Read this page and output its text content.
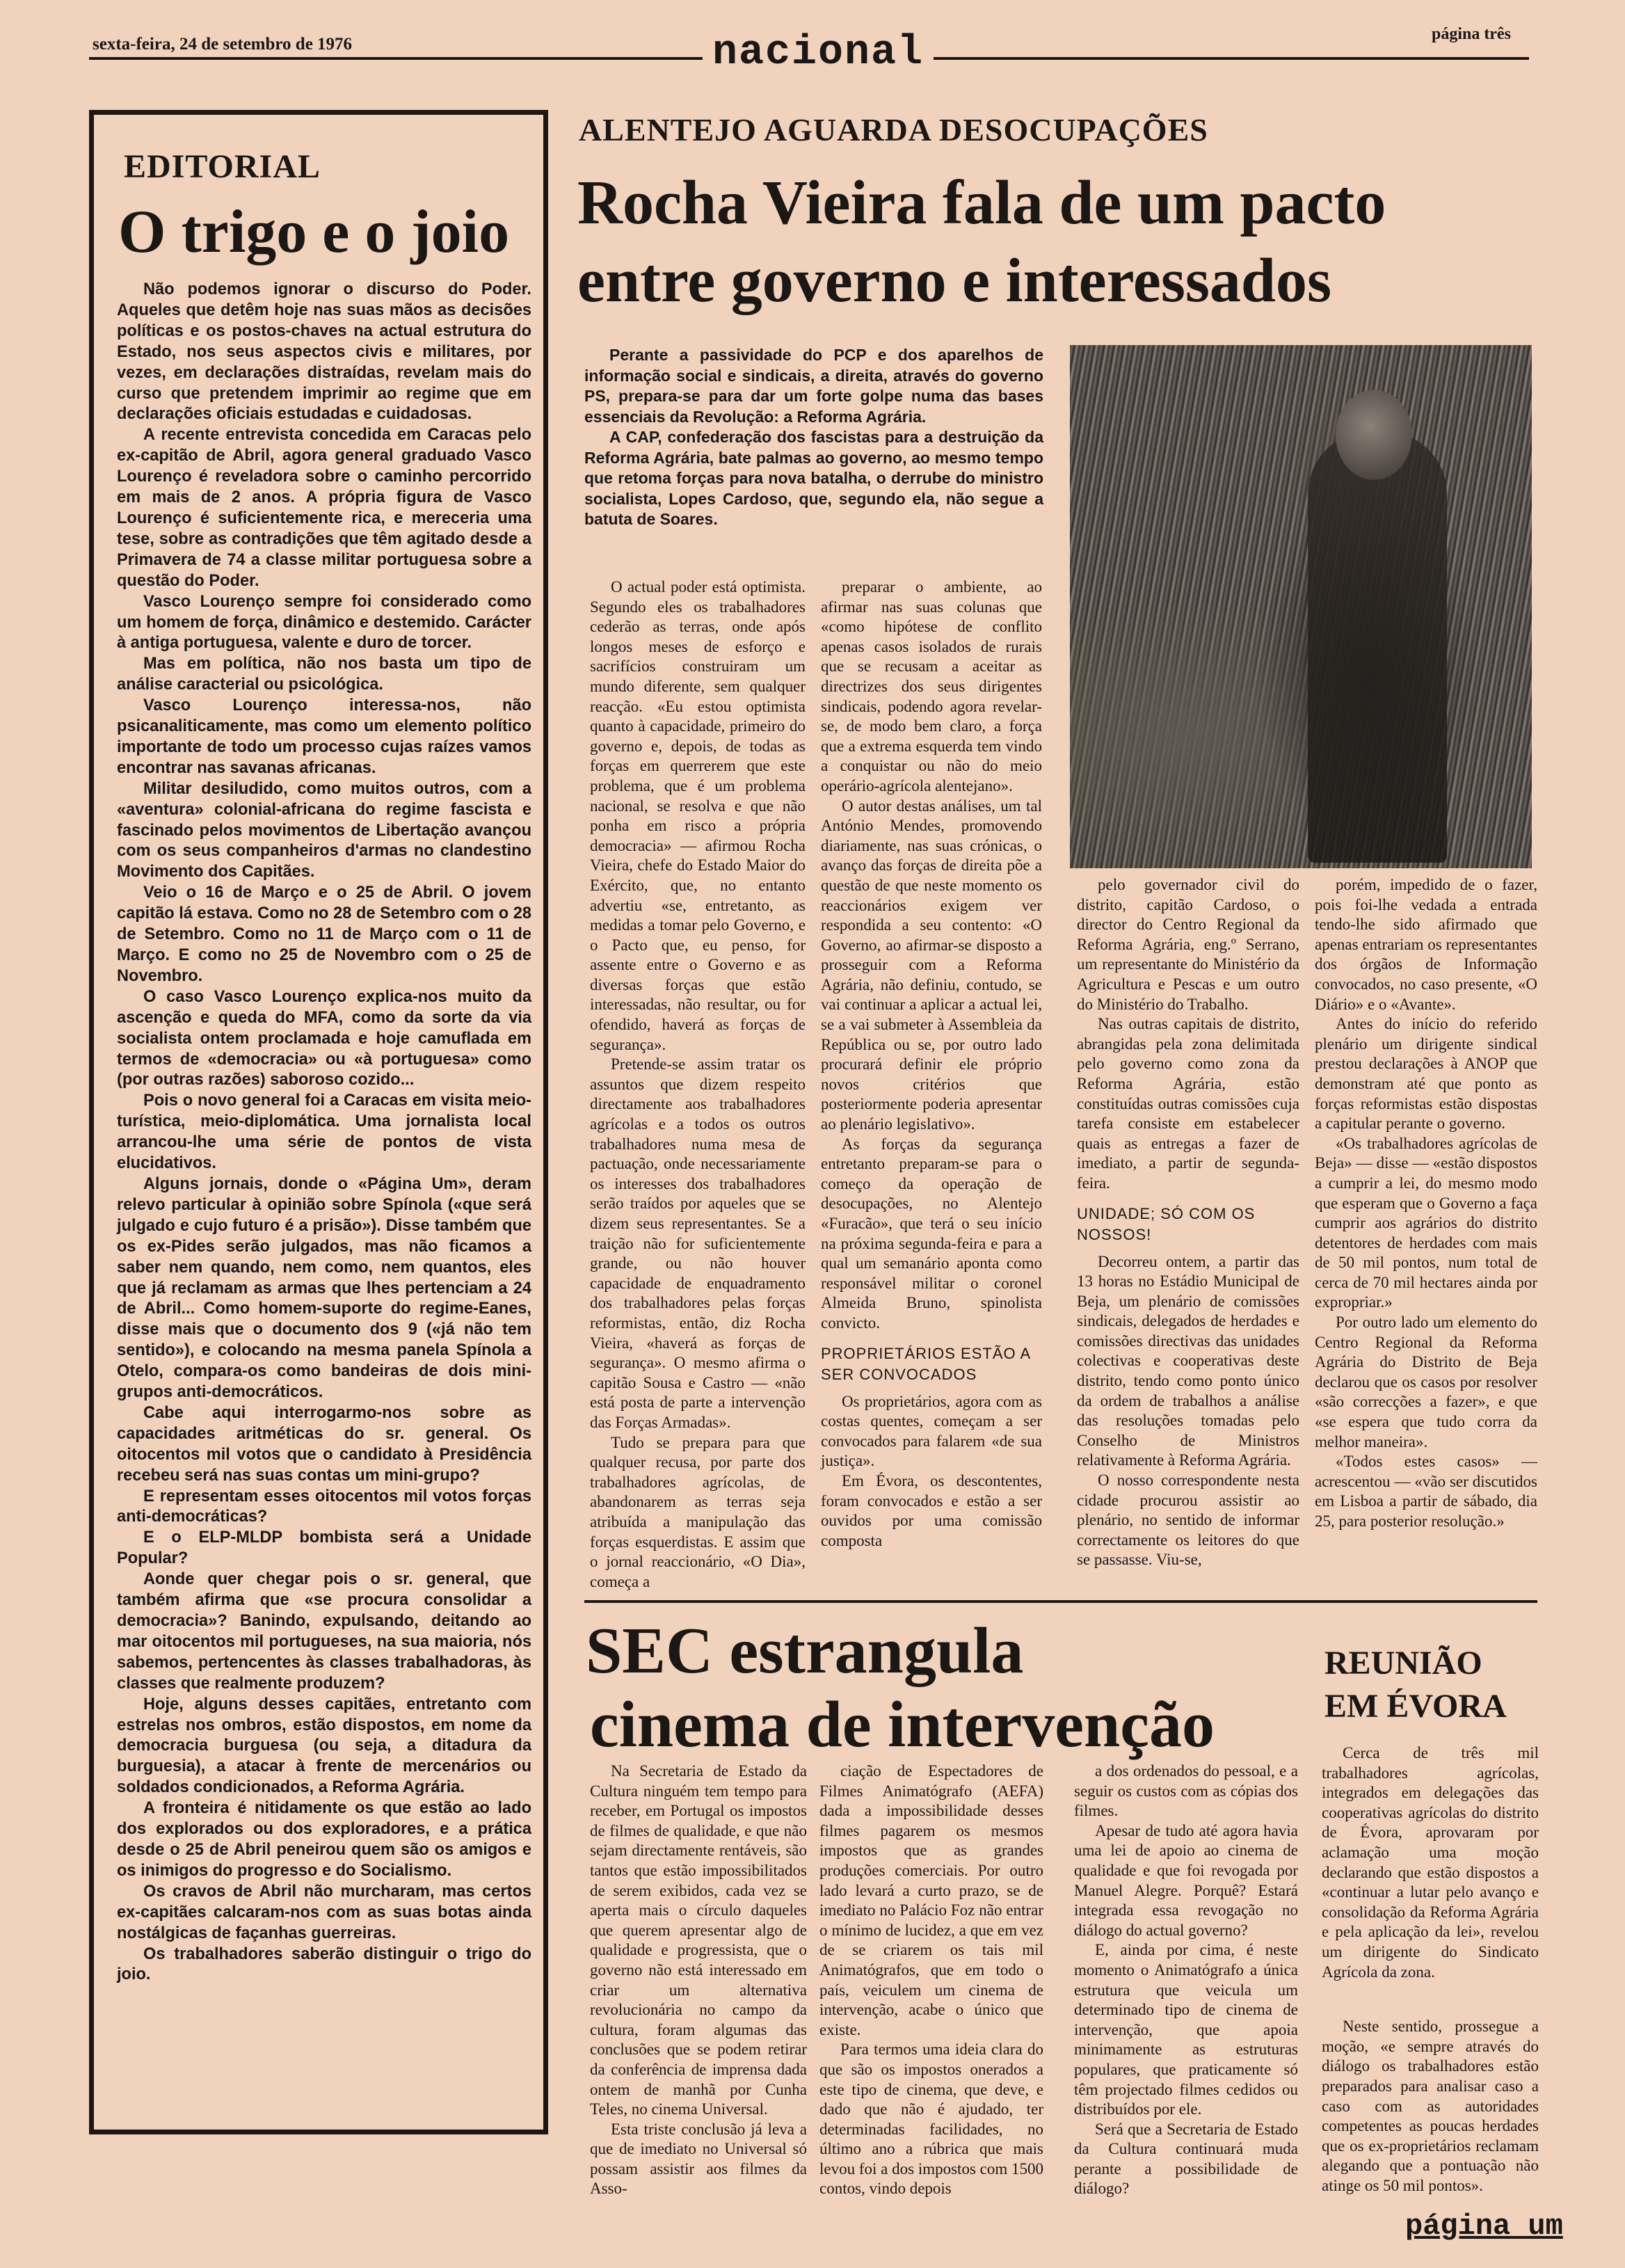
sexta-feira, 24 de setembro de 1976	nacional	página três
EDITORIAL
O trigo e o joio

Não podemos ignorar o discurso do Poder. Aqueles que detêm hoje nas suas mãos as decisões políticas e os postos-chaves na actual estrutura do Estado, nos seus aspectos civis e militares, por vezes, em declarações distraídas, revelam mais do curso que pretendem imprimir ao regime que em declarações oficiais estudadas e cuidadosas.

A recente entrevista concedida em Caracas pelo ex-capitão de Abril, agora general graduado Vasco Lourenço é reveladora sobre o caminho percorrido em mais de 2 anos. A própria figura de Vasco Lourenço é suficientemente rica, e mereceria uma tese, sobre as contradições que têm agitado desde a Primavera de 74 a classe militar portuguesa sobre a questão do Poder.

Vasco Lourenço sempre foi considerado como um homem de força, dinâmico e destemido. Carácter à antiga portuguesa, valente e duro de torcer.

Mas em política, não nos basta um tipo de análise caracterial ou psicológica.

Vasco Lourenço interessa-nos, não psicanaliticamente, mas como um elemento político importante de todo um processo cujas raízes vamos encontrar nas savanas africanas.

Militar desiludido, como muitos outros, com a «aventura» colonial-africana do regime fascista e fascinado pelos movimentos de Libertação avançou com os seus companheiros d'armas no clandestino Movimento dos Capitães.

Veio o 16 de Março e o 25 de Abril. O jovem capitão lá estava. Como no 28 de Setembro com o 28 de Setembro. Como no 11 de Março com o 11 de Março. E como no 25 de Novembro com o 25 de Novembro.

O caso Vasco Lourenço explica-nos muito da ascenção e queda do MFA, como da sorte da via socialista ontem proclamada e hoje camuflada em termos de «democracia» ou «à portuguesa» como (por outras razões) saboroso cozido...

Pois o novo general foi a Caracas em visita meio-turística, meio-diplomática. Uma jornalista local arrancou-lhe uma série de pontos de vista elucidativos.

Alguns jornais, donde o «Página Um», deram relevo particular à opinião sobre Spínola («que será julgado e cujo futuro é a prisão»). Disse também que os ex-Pides serão julgados, mas não ficamos a saber nem quando, nem como, nem quantos, eles que já reclamam as armas que lhes pertenciam a 24 de Abril... Como homem-suporte do regime-Eanes, disse mais que o documento dos 9 («já não tem sentido»), e colocando na mesma panela Spínola a Otelo, compara-os como bandeiras de dois mini-grupos anti-democráticos.

Cabe aqui interrogarmo-nos sobre as capacidades aritméticas do sr. general. Os oitocentos mil votos que o candidato à Presidência recebeu será nas suas contas um mini-grupo?

E representam esses oitocentos mil votos forças anti-democráticas?

E o ELP-MLDP bombista será a Unidade Popular?

Aonde quer chegar pois o sr. general, que também afirma que «se procura consolidar a democracia»? Banindo, expulsando, deitando ao mar oitocentos mil portugueses, na sua maioria, nós sabemos, pertencentes às classes trabalhadoras, às classes que realmente produzem?

Hoje, alguns desses capitães, entretanto com estrelas nos ombros, estão dispostos, em nome da democracia burguesa (ou seja, a ditadura da burguesia), a atacar à frente de mercenários ou soldados condicionados, a Reforma Agrária.

A fronteira é nitidamente os que estão ao lado dos explorados ou dos exploradores, e a prática desde o 25 de Abril peneirou quem são os amigos e os inimigos do progresso e do Socialismo.

Os cravos de Abril não murcharam, mas certos ex-capitães calcaram-nos com as suas botas ainda nostálgicas de façanhas guerreiras.

Os trabalhadores saberão distinguir o trigo do joio.

ALENTEJO AGUARDA DESOCUPAÇÕES
Rocha Vieira fala de um pacto
entre governo e interessados

Perante a passividade do PCP e dos aparelhos de informação social e sindicais, a direita, através do governo PS, prepara-se para dar um forte golpe numa das bases essenciais da Revolução: a Reforma Agrária.

A CAP, confederação dos fascistas para a destruição da Reforma Agrária, bate palmas ao governo, ao mesmo tempo que retoma forças para nova batalha, o derrube do ministro socialista, Lopes Cardoso, que, segundo ela, não segue a batuta de Soares.

O actual poder está optimista. Segundo eles os trabalhadores cederão as terras, onde após longos meses de esforço e sacrifícios construiram um mundo diferente, sem qualquer reacção. «Eu estou optimista quanto à capacidade, primeiro do governo e, depois, de todas as forças em querrerem que este problema, que é um problema nacional, se resolva e que não ponha em risco a própria democracia» — afirmou Rocha Vieira, chefe do Estado Maior do Exército, que, no entanto advertiu «se, entretanto, as medidas a tomar pelo Governo, e o Pacto que, eu penso, for assente entre o Governo e as diversas forças que estão interessadas, não resultar, ou for ofendido, haverá as forças de segurança».

Pretende-se assim tratar os assuntos que dizem respeito directamente aos trabalhadores agrícolas e a todos os outros trabalhadores numa mesa de pactuação, onde necessariamente os interesses dos trabalhadores serão traídos por aqueles que se dizem seus representantes. Se a traição não for suficientemente grande, ou não houver capacidade de enquadramento dos trabalhadores pelas forças reformistas, então, diz Rocha Vieira, «haverá as forças de segurança». O mesmo afirma o capitão Sousa e Castro — «não está posta de parte a intervenção das Forças Armadas».

Tudo se prepara para que qualquer recusa, por parte dos trabalhadores agrícolas, de abandonarem as terras seja atribuída a manipulação das forças esquerdistas. E assim que o jornal reaccionário, «O Dia», começa a

preparar o ambiente, ao afirmar nas suas colunas que «como hipótese de conflito apenas casos isolados de rurais que se recusam a aceitar as directrizes dos seus dirigentes sindicais, podendo agora revelar-se, de modo bem claro, a força que a extrema esquerda tem vindo a conquistar ou não do meio operário-agrícola alentejano».

O autor destas análises, um tal António Mendes, promovendo diariamente, nas suas crónicas, o avanço das forças de direita põe a questão de que neste momento os reaccionários exigem ver respondida a seu contento: «O Governo, ao afirmar-se disposto a prosseguir com a Reforma Agrária, não definiu, contudo, se vai continuar a aplicar a actual lei, se a vai submeter à Assembleia da República ou se, por outro lado procurará definir ele próprio novos critérios que posteriormente poderia apresentar ao plenário legislativo».

As forças da segurança entretanto preparam-se para o começo da operação de desocupações, no Alentejo «Furacão», que terá o seu início na próxima segunda-feira e para a qual um semanário aponta como responsável militar o coronel Almeida Bruno, spinolista convicto.

PROPRIETÁRIOS ESTÃO A SER CONVOCADOS

Os proprietários, agora com as costas quentes, começam a ser convocados para falarem «de sua justiça».

Em Évora, os descontentes, foram convocados e estão a ser ouvidos por uma comissão composta

pelo governador civil do distrito, capitão Cardoso, o director do Centro Regional da Reforma Agrária, eng.º Serrano, um representante do Ministério da Agricultura e Pescas e um outro do Ministério do Trabalho.

Nas outras capitais de distrito, abrangidas pela zona delimitada pelo governo como zona da Reforma Agrária, estão constituídas outras comissões cuja tarefa consiste em estabelecer quais as entregas a fazer de imediato, a partir de segunda-feira.

UNIDADE; SÓ COM OS NOSSOS!

Decorreu ontem, a partir das 13 horas no Estádio Municipal de Beja, um plenário de comissões sindicais, delegados de herdades e comissões directivas das unidades colectivas e cooperativas deste distrito, tendo como ponto único da ordem de trabalhos a análise das resoluções tomadas pelo Conselho de Ministros relativamente à Reforma Agrária.

O nosso correspondente nesta cidade procurou assistir ao plenário, no sentido de informar correctamente os leitores do que se passasse. Viu-se,

porém, impedido de o fazer, pois foi-lhe vedada a entrada tendo-lhe sido afirmado que apenas entrariam os representantes dos órgãos de Informação convocados, no caso presente, «O Diário» e o «Avante».

Antes do início do referido plenário um dirigente sindical prestou declarações à ANOP que demonstram até que ponto as forças reformistas estão dispostas a capitular perante o governo.

«Os trabalhadores agrícolas de Beja» — disse — «estão dispostos a cumprir a lei, do mesmo modo que esperam que o Governo a faça cumprir aos agrários do distrito detentores de herdades com mais de 50 mil pontos, num total de cerca de 70 mil hectares ainda por expropriar.»

Por outro lado um elemento do Centro Regional da Reforma Agrária do Distrito de Beja declarou que os casos por resolver «são correcções a fazer», e que «se espera que tudo corra da melhor maneira».

«Todos estes casos» — acrescentou — «vão ser discutidos em Lisboa a partir de sábado, dia 25, para posterior resolução.»

SEC estrangula
cinema de intervenção

Na Secretaria de Estado da Cultura ninguém tem tempo para receber, em Portugal os impostos de filmes de qualidade, e que não sejam directamente rentáveis, são tantos que estão impossibilitados de serem exibidos, cada vez se aperta mais o círculo daqueles que querem apresentar algo de qualidade e progressista, que o governo não está interessado em criar um alternativa revolucionária no campo da cultura, foram algumas das conclusões que se podem retirar da conferência de imprensa dada ontem de manhã por Cunha Teles, no cinema Universal.

Esta triste conclusão já leva a que de imediato no Universal só possam assistir aos filmes da Asso-

ciação de Espectadores de Filmes Animatógrafo (AEFA) dada a impossibilidade desses filmes pagarem os mesmos impostos que as grandes produções comerciais. Por outro lado levará a curto prazo, se de imediato no Palácio Foz não entrar o mínimo de lucidez, a que em vez de se criarem os tais mil Animatógrafos, que em todo o país, veiculem um cinema de intervenção, acabe o único que existe.

Para termos uma ideia clara do que são os impostos onerados a este tipo de cinema, que deve, e dado que não é ajudado, ter determinadas facilidades, no último ano a rúbrica que mais levou foi a dos impostos com 1500 contos, vindo depois

a dos ordenados do pessoal, e a seguir os custos com as cópias dos filmes.

Apesar de tudo até agora havia uma lei de apoio ao cinema de qualidade e que foi revogada por Manuel Alegre. Porquê? Estará integrada essa revogação no diálogo do actual governo?

E, ainda por cima, é neste momento o Animatógrafo a única estrutura que veicula um determinado tipo de cinema de intervenção, que apoia minimamente as estruturas populares, que praticamente só têm projectado filmes cedidos ou distribuídos por ele.

Será que a Secretaria de Estado da Cultura continuará muda perante a possibilidade de diálogo?

REUNIÃO
EM ÉVORA

Cerca de três mil trabalhadores agrícolas, integrados em delegações das cooperativas agrícolas do distrito de Évora, aprovaram por aclamação uma moção declarando que estão dispostos a «continuar a lutar pelo avanço e consolidação da Reforma Agrária e pela aplicação da lei», revelou um dirigente do Sindicato Agrícola da zona.

Neste sentido, prossegue a moção, «e sempre através do diálogo os trabalhadores estão preparados para analisar caso a caso com as autoridades competentes as poucas herdades que os ex-proprietários reclamam alegando que a pontuação não atinge os 50 mil pontos».

página um
